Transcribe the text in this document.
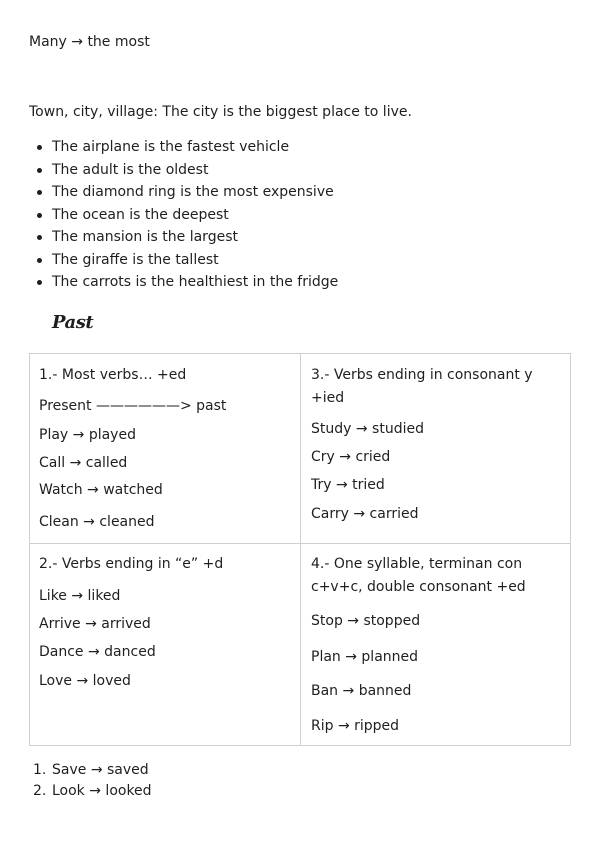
Many → the most

Town, city, village: The city is the biggest place to live.

The airplane is the fastest vehicle
The adult is the oldest
The diamond ring is the most expensive
The ocean is the deepest
The mansion is the largest
The giraffe is the tallest
The carrots is the healthiest in the fridge
Past

1.- Most verbs… +ed

Present ——————> past

Play → played

Call → called

Watch → watched

Clean → cleaned

3.- Verbs ending in consonant y

+ied

Study → studied

Cry → cried

Try → tried

Carry → carried

2.- Verbs ending in “e” +d

Like → liked

Arrive → arrived

Dance → danced

Love → loved

4.- One syllable, terminan con

c+v+c, double consonant +ed

Stop → stopped

Plan → planned

Ban → banned

Rip → ripped

1. Save → saved
2. Look → looked
